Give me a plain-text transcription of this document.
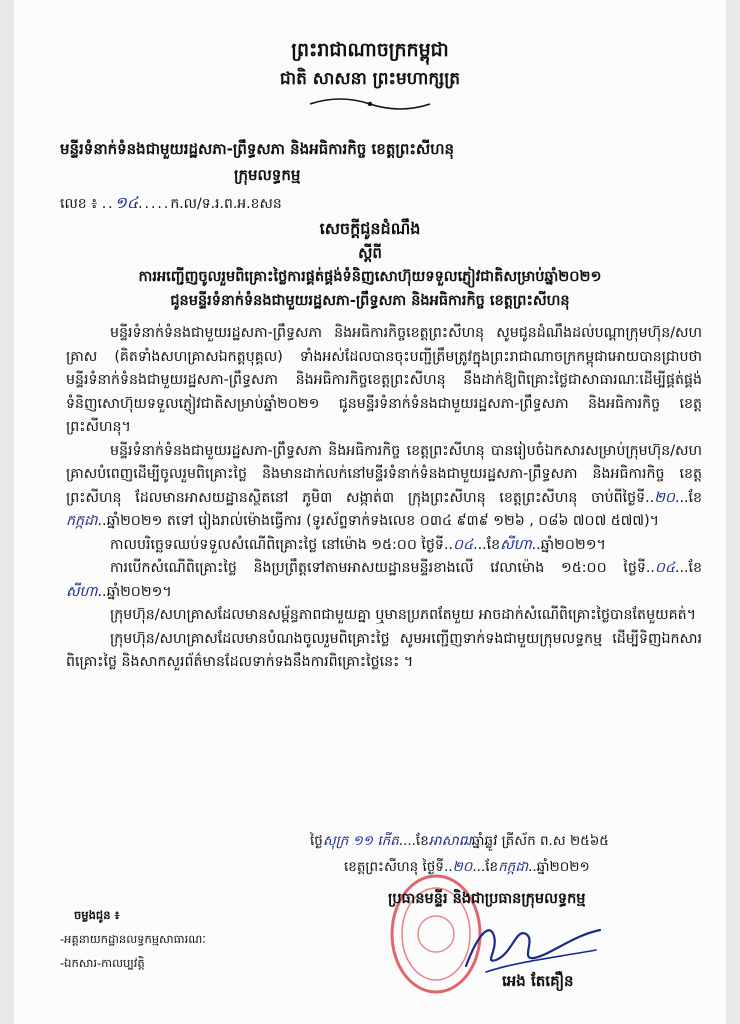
ព្រះរាជាណាចក្រកម្ពុជា
ជាតិ សាសនា ព្រះមហាក្សត្រ
មន្ទីរទំនាក់ទំនងជាមួយរដ្ឋសភា-ព្រឹទ្ធសភា និងអធិការកិច្ច ខេត្តព្រះសីហនុ
ក្រុមលទ្ធកម្ម
លេខ ៖ ..១៤.....ក.ល/ទ.រ.ព.អ.ខសន
សេចក្តីជូនដំណឹង
ស្តីពី
ការអញ្ជើញចូលរួមពិគ្រោះថ្លៃការផ្គត់ផ្គង់ទំនិញសោហ៊ុយទទួលភ្ញៀវជាតិសម្រាប់ឆ្នាំ២០២១
ជូនមន្ទីរទំនាក់ទំនងជាមួយរដ្ឋសភា-ព្រឹទ្ធសភា និងអធិការកិច្ច ខេត្តព្រះសីហនុ

មន្ទីរទំនាក់ទំនងជាមួយរដ្ឋសភា-ព្រឹទ្ធសភា និងអធិការកិច្ចខេត្តព្រះសីហនុ សូមជូនដំណឹងដល់បណ្តាក្រុមហ៊ុន/សហគ្រាស (គិតទាំងសហគ្រាសឯកត្តបុគ្គល) ទាំងអស់ដែលបានចុះបញ្ជីត្រឹមត្រូវក្នុងព្រះរាជាណាចក្រកម្ពុជាអោយបានជ្រាបថា មន្ទីរទំនាក់ទំនងជាមួយរដ្ឋសភា-ព្រឹទ្ធសភា និងអធិការកិច្ចខេត្តព្រះសីហនុ នឹងដាក់ឱ្យពិគ្រោះថ្លៃជាសាធារណៈដើម្បីផ្គត់ផ្គង់ទំនិញសោហ៊ុយទទួលភ្ញៀវជាតិសម្រាប់ឆ្នាំ២០២១ ជូនមន្ទីរទំនាក់ទំនងជាមួយរដ្ឋសភា-ព្រឹទ្ធសភា និងអធិការកិច្ច ខេត្តព្រះសីហនុ។

មន្ទីរទំនាក់ទំនងជាមួយរដ្ឋសភា-ព្រឹទ្ធសភា និងអធិការកិច្ច ខេត្តព្រះសីហនុ បានរៀបចំឯកសារសម្រាប់ក្រុមហ៊ុន/សហគ្រាសបំពេញដើម្បីចូលរួមពិគ្រោះថ្លៃ និងមានដាក់លក់នៅមន្ទីរទំនាក់ទំនងជាមួយរដ្ឋសភា-ព្រឹទ្ធសភា និងអធិការកិច្ច ខេត្តព្រះសីហនុ ដែលមានអាសយដ្ឋានស្ថិតនៅ ភូមិ៣ សង្កាត់៣ ក្រុងព្រះសីហនុ ខេត្តព្រះសីហនុ ចាប់ពីថ្ងៃទី..២០...ខែកក្កដា..ឆ្នាំ២០២១ តទៅ រៀងរាល់ម៉ោងធ្វើការ (ទូរស័ព្ទទាក់ទងលេខ ០៣៤ ៩៣៩ ១២៦ , ០៨៦ ៧០៧ ៥៧៧)។

កាលបរិច្ឆេទឈប់ទទួលសំណើពិគ្រោះថ្លៃ នៅម៉ោង ១៥:០០ ថ្ងៃទី..០៤...ខែសីហា..ឆ្នាំ២០២១។

ការបើកសំណើពិគ្រោះថ្លៃ និងប្រព្រឹត្តទៅតាមអាសយដ្ឋានមន្ទីរខាងលើ វេលាម៉ោង ១៥:០០ ថ្ងៃទី..០៤...ខែសីហា..ឆ្នាំ២០២១។

ក្រុមហ៊ុន/សហគ្រាសដែលមានសម្ព័ន្ធភាពជាមួយគ្នា ឬមានប្រភពតែមួយ អាចដាក់សំណើពិគ្រោះថ្លៃបានតែមួយគត់។

ក្រុមហ៊ុន/សហគ្រាសដែលមានបំណងចូលរួមពិគ្រោះថ្លៃ សូមអញ្ជើញទាក់ទងជាមួយក្រុមលទ្ធកម្ម ដើម្បីទិញឯកសារពិគ្រោះថ្លៃ និងសាកសួរព័ត៌មានដែលទាក់ទងនឹងការពិគ្រោះថ្លៃនេះ ។

ថ្ងៃសុក្រ ១១ កើត....ខែអាសាឍឆ្នាំឆ្លូវ ត្រីស័ក ព.ស ២៥៦៥
ខេត្តព្រះសីហនុ ថ្ងៃទី..២០...ខែកក្កដា..ឆ្នាំ២០២១
ប្រធានមន្ទីរ និងជាប្រធានក្រុមលទ្ធកម្ម
អេង តែគឿន
ចម្លងជូន ៖
-អគ្គនាយកដ្ឋានលទ្ធកម្មសាធារណៈ
-ឯកសារ-កាលប្បវត្តិ
